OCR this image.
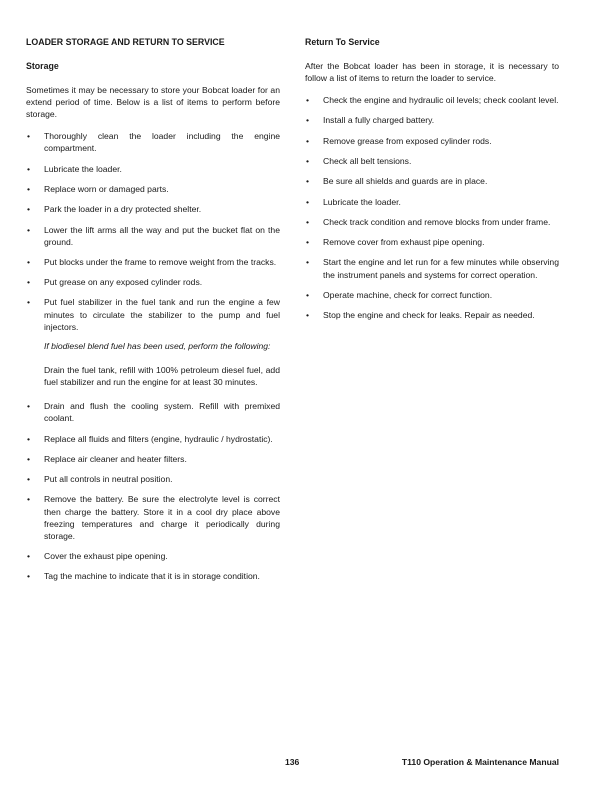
LOADER STORAGE AND RETURN TO SERVICE
Storage

Sometimes it may be necessary to store your Bobcat loader for an extend period of time. Below is a list of items to perform before storage.

• Thoroughly clean the loader including the engine compartment.
• Lubricate the loader.
• Replace worn or damaged parts.
• Park the loader in a dry protected shelter.
• Lower the lift arms all the way and put the bucket flat on the ground.
• Put blocks under the frame to remove weight from the tracks.
• Put grease on any exposed cylinder rods.
• Put fuel stabilizer in the fuel tank and run the engine a few minutes to circulate the stabilizer to the pump and fuel injectors.

If biodiesel blend fuel has been used, perform the following:

Drain the fuel tank, refill with 100% petroleum diesel fuel, add fuel stabilizer and run the engine for at least 30 minutes.

• Drain and flush the cooling system. Refill with premixed coolant.
• Replace all fluids and filters (engine, hydraulic / hydrostatic).
• Replace air cleaner and heater filters.
• Put all controls in neutral position.
• Remove the battery. Be sure the electrolyte level is correct then charge the battery. Store it in a cool dry place above freezing temperatures and charge it periodically during storage.
• Cover the exhaust pipe opening.
• Tag the machine to indicate that it is in storage condition.
Return To Service

After the Bobcat loader has been in storage, it is necessary to follow a list of items to return the loader to service.

• Check the engine and hydraulic oil levels; check coolant level.
• Install a fully charged battery.
• Remove grease from exposed cylinder rods.
• Check all belt tensions.
• Be sure all shields and guards are in place.
• Lubricate the loader.
• Check track condition and remove blocks from under frame.
• Remove cover from exhaust pipe opening.
• Start the engine and let run for a few minutes while observing the instrument panels and systems for correct operation.
• Operate machine, check for correct function.
• Stop the engine and check for leaks. Repair as needed.
136	T110 Operation & Maintenance Manual
